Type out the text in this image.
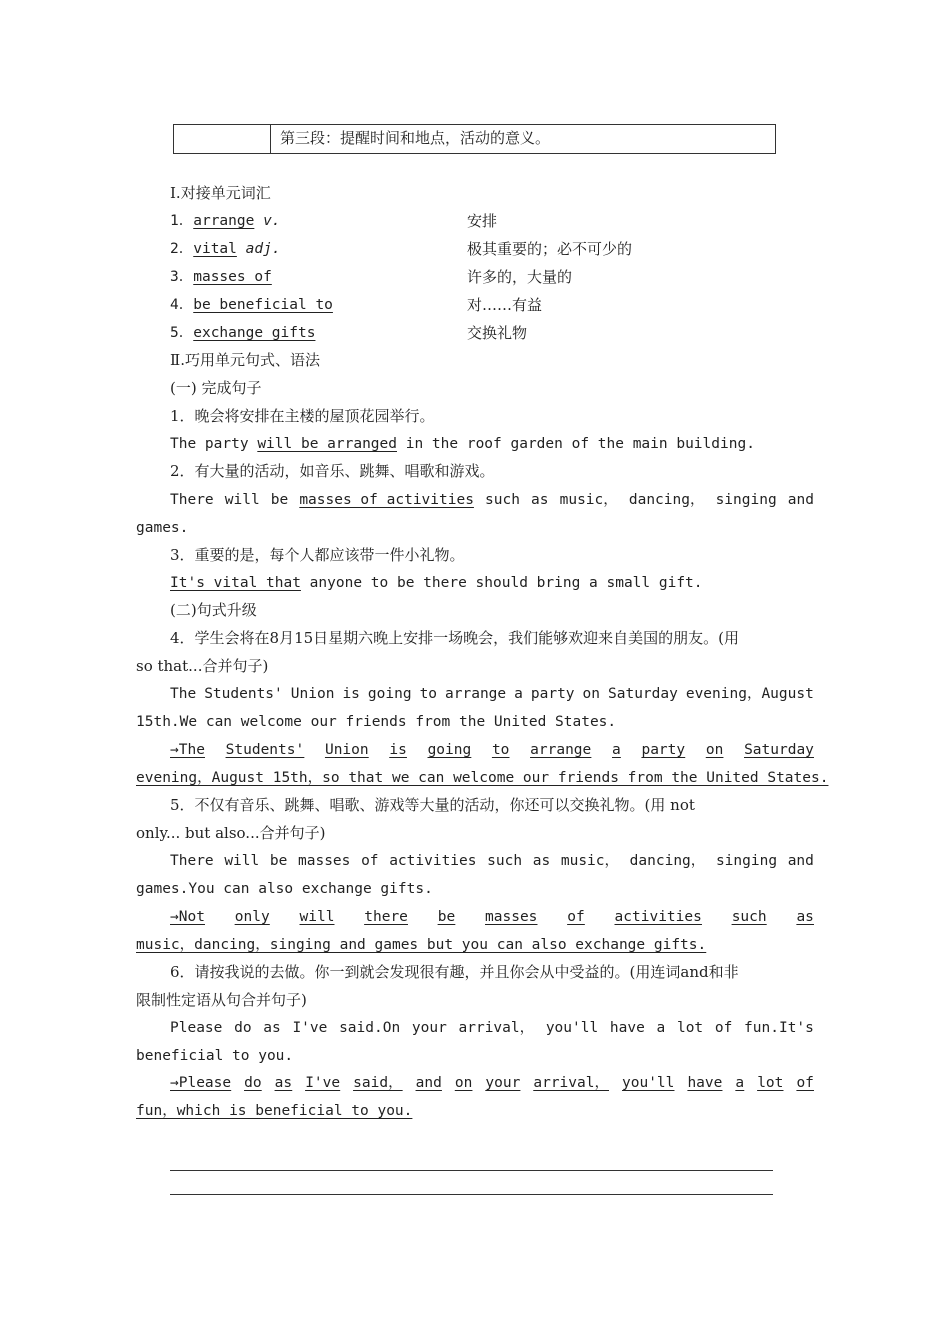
第三段：提醒时间和地点，活动的意义。
Ⅰ.对接单元词汇
1．arrange v.	安排
2．vital adj.	极其重要的；必不可少的
3．masses of	许多的，大量的
4．be beneficial to	对……有益
5．exchange gifts	交换礼物
Ⅱ.巧用单元句式、语法
(一) 完成句子
1．晚会将安排在主楼的屋顶花园举行。
The party will be arranged in the roof garden of the main building.
2．有大量的活动，如音乐、跳舞、唱歌和游戏。
There will be masses of activities such as music， dancing， singing and
games.
3．重要的是，每个人都应该带一件小礼物。
It's vital that anyone to be there should bring a small gift.
(二)句式升级
4．学生会将在8月15日星期六晚上安排一场晚会，我们能够欢迎来自美国的朋友。(用
so that...合并句子)
The Students' Union is going to arrange a party on Saturday evening，August
15th.We can welcome our friends from the United States.
→The Students' Union is going to arrange a party on Saturday
evening，August 15th，so that we can welcome our friends from the United States.
5．不仅有音乐、跳舞、唱歌、游戏等大量的活动，你还可以交换礼物。(用 not
only... but also...合并句子)
There will be masses of activities such as music， dancing， singing and
games.You can also exchange gifts.
→Not only will there be masses of activities such as
music，dancing，singing and games but you can also exchange gifts.
6．请按我说的去做。你一到就会发现很有趣，并且你会从中受益的。(用连词and和非
限制性定语从句合并句子)
Please do as I've said.On your arrival， you'll have a lot of fun.It's
beneficial to you.
→Please do as I've said， and on your arrival， you'll have a lot of
fun，which is beneficial to you.
